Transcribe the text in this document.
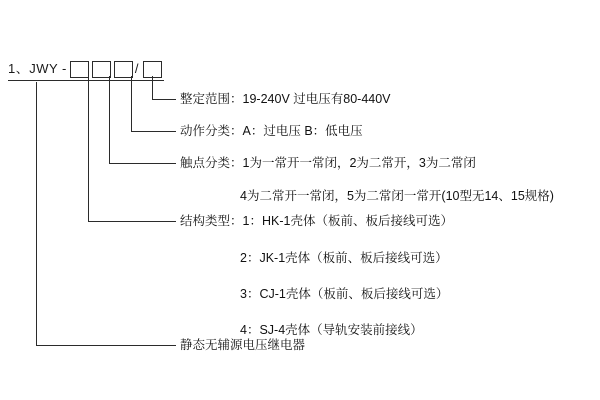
1、JWY -	/
整定范围：19-240V 过电压有80-440V
动作分类：A：过电压 B：低电压
触点分类：1为一常开一常闭，2为二常开，3为二常闭
4为二常开一常闭，5为二常闭一常开(10型无14、15规格)
结构类型：1：HK-1壳体（板前、板后接线可选）
2：JK-1壳体（板前、板后接线可选）
3：CJ-1壳体（板前、板后接线可选）
4：SJ-4壳体（导轨安装前接线）
静态无辅源电压继电器
